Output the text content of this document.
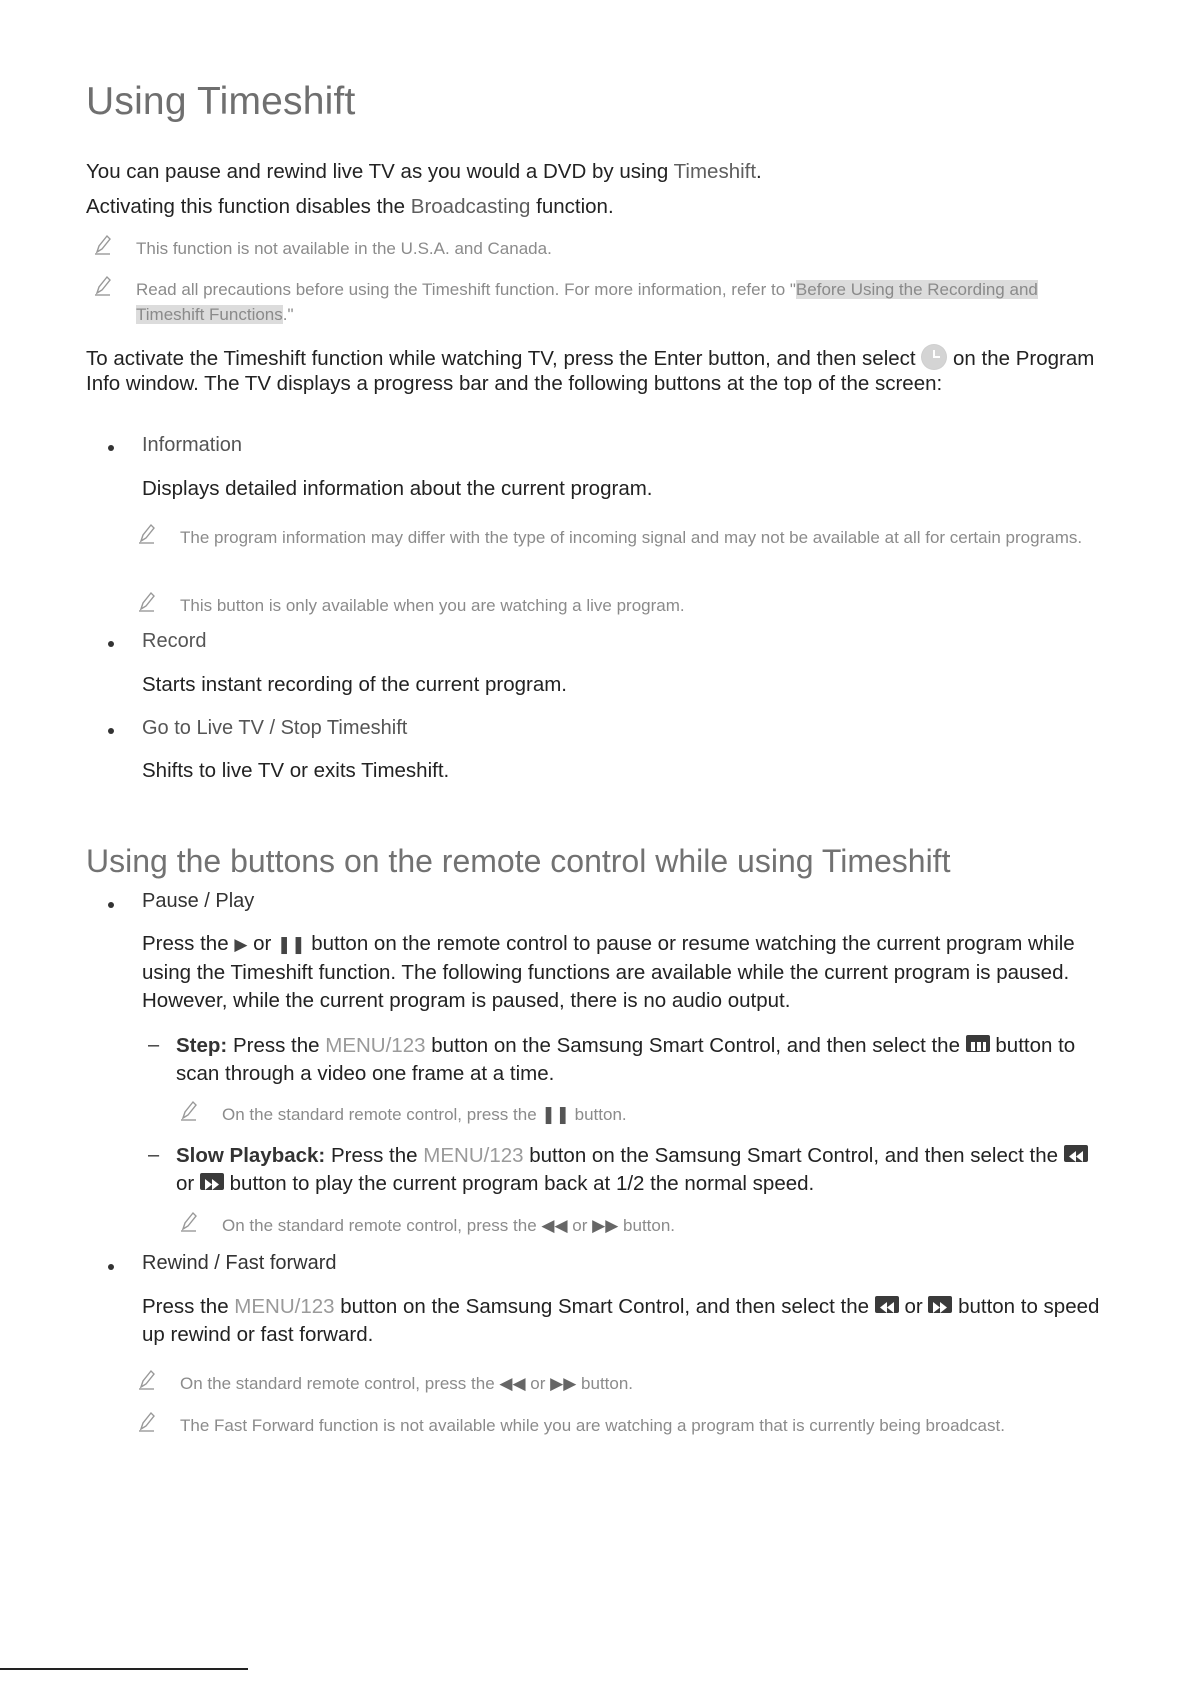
Using Timeshift
You can pause and rewind live TV as you would a DVD by using Timeshift.
Activating this function disables the Broadcasting function.
This function is not available in the U.S.A. and Canada.
Read all precautions before using the Timeshift function. For more information, refer to "Before Using the Recording and Timeshift Functions."
To activate the Timeshift function while watching TV, press the Enter button, and then select on the Program Info window. The TV displays a progress bar and the following buttons at the top of the screen:
Information
Displays detailed information about the current program.
The program information may differ with the type of incoming signal and may not be available at all for certain programs.
This button is only available when you are watching a live program.
Record
Starts instant recording of the current program.
Go to Live TV / Stop Timeshift
Shifts to live TV or exits Timeshift.
Using the buttons on the remote control while using Timeshift
Pause / Play
Press the ▶ or ❚❚ button on the remote control to pause or resume watching the current program while using the Timeshift function. The following functions are available while the current program is paused. However, while the current program is paused, there is no audio output.
– Step: Press the MENU/123 button on the Samsung Smart Control, and then select the button to scan through a video one frame at a time.
On the standard remote control, press the ❚❚ button.
– Slow Playback: Press the MENU/123 button on the Samsung Smart Control, and then select the  or button to play the current program back at 1/2 the normal speed.
On the standard remote control, press the ◀◀ or ▶▶ button.
Rewind / Fast forward
Press the MENU/123 button on the Samsung Smart Control, and then select the or button to speed up rewind or fast forward.
On the standard remote control, press the ◀◀ or ▶▶ button.
The Fast Forward function is not available while you are watching a program that is currently being broadcast.
